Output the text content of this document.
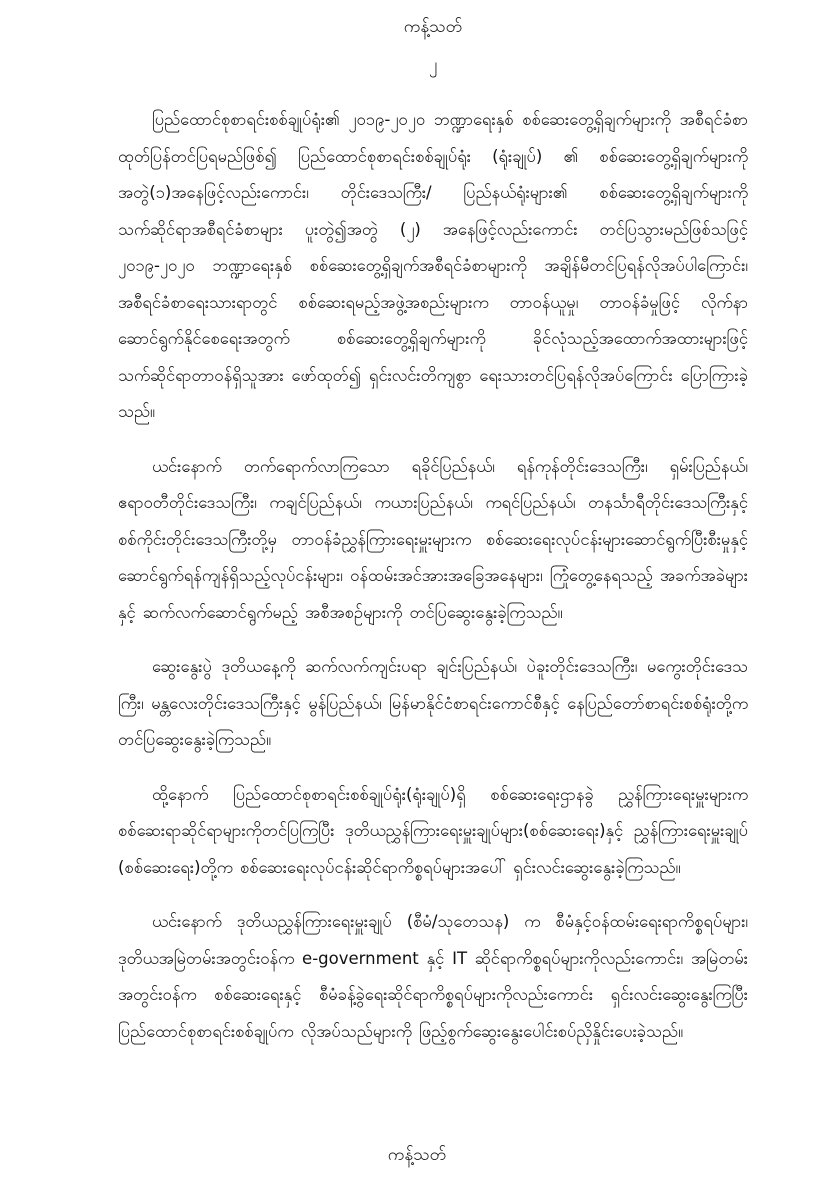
ကန့်သတ်

၂

ပြည်ထောင်စုစာရင်းစစ်ချုပ်ရုံး၏ ၂၀၁၉-၂၀၂၀ ဘဏ္ဍာရေးနှစ် စစ်ဆေးတွေ့ရှိချက်များကို အစီရင်ခံစာထုတ်ပြန်တင်ပြရမည်ဖြစ်၍ ပြည်ထောင်စုစာရင်းစစ်ချုပ်ရုံး (ရုံးချုပ်) ၏ စစ်ဆေးတွေ့ရှိချက်များကို အတွဲ(၁)အနေဖြင့်လည်းကောင်း၊ တိုင်းဒေသကြီး/ ပြည်နယ်ရုံးများ၏ စစ်ဆေးတွေ့ရှိချက်များကို သက်ဆိုင်ရာအစီရင်ခံစာများ ပူးတွဲ၍အတွဲ (၂) အနေဖြင့်လည်းကောင်း တင်ပြသွားမည်ဖြစ်သဖြင့် ၂၀၁၉-၂၀၂၀ ဘဏ္ဍာရေးနှစ် စစ်ဆေးတွေ့ရှိချက်အစီရင်ခံစာများကို အချိန်မီတင်ပြရန်လိုအပ်ပါကြောင်း၊ အစီရင်ခံစာရေးသားရာတွင် စစ်ဆေးရမည့်အဖွဲ့အစည်းများက တာဝန်ယူမှု၊ တာဝန်ခံမှုဖြင့် လိုက်နာဆောင်ရွက်နိုင်စေရေးအတွက် စစ်ဆေးတွေ့ရှိချက်များကို ခိုင်လုံသည့်အထောက်အထားများဖြင့် သက်ဆိုင်ရာတာဝန်ရှိသူအား ဖော်ထုတ်၍ ရှင်းလင်းတိကျစွာ ရေးသားတင်ပြရန်လိုအပ်ကြောင်း ပြောကြားခဲ့သည်။

ယင်းနောက် တက်ရောက်လာကြသော ရခိုင်ပြည်နယ်၊ ရန်ကုန်တိုင်းဒေသကြီး၊ ရှမ်းပြည်နယ်၊ ဧရာဝတီတိုင်းဒေသကြီး၊ ကချင်ပြည်နယ်၊ ကယားပြည်နယ်၊ ကရင်ပြည်နယ်၊ တနင်္သာရီတိုင်းဒေသကြီးနှင့် စစ်ကိုင်းတိုင်းဒေသကြီးတို့မှ တာဝန်ခံညွှန်ကြားရေးမှူးများက စစ်ဆေးရေးလုပ်ငန်းများဆောင်ရွက်ပြီးစီးမှုနှင့် ဆောင်ရွက်ရန်ကျန်ရှိသည့်လုပ်ငန်းများ၊ ဝန်ထမ်းအင်အားအခြေအနေများ၊ ကြုံတွေ့နေရသည့် အခက်အခဲများနှင့် ဆက်လက်ဆောင်ရွက်မည့် အစီအစဉ်များကို တင်ပြဆွေးနွေးခဲ့ကြသည်။

ဆွေးနွေးပွဲ ဒုတိယနေ့ကို ဆက်လက်ကျင်းပရာ ချင်းပြည်နယ်၊ ပဲခူးတိုင်းဒေသကြီး၊ မကွေးတိုင်းဒေသကြီး၊ မန္တလေးတိုင်းဒေသကြီးနှင့် မွန်ပြည်နယ်၊ မြန်မာနိုင်ငံစာရင်းကောင်စီနှင့် နေပြည်တော်စာရင်းစစ်ရုံးတို့က တင်ပြဆွေးနွေးခဲ့ကြသည်။

ထို့နောက် ပြည်ထောင်စုစာရင်းစစ်ချုပ်ရုံး(ရုံးချုပ်)ရှိ စစ်ဆေးရေးဌာနခွဲ ညွှန်ကြားရေးမှူးများက စစ်ဆေးရာဆိုင်ရာများကိုတင်ပြကြပြီး ဒုတိယညွှန်ကြားရေးမှူးချုပ်များ(စစ်ဆေးရေး)နှင့် ညွှန်ကြားရေးမှူးချုပ် (စစ်ဆေးရေး)တို့က စစ်ဆေးရေးလုပ်ငန်းဆိုင်ရာကိစ္စရပ်များအပေါ် ရှင်းလင်းဆွေးနွေးခဲ့ကြသည်။

ယင်းနောက် ဒုတိယညွှန်ကြားရေးမှူးချုပ် (စီမံ/သုတေသန) က စီမံနှင့်ဝန်ထမ်းရေးရာကိစ္စရပ်များ၊ ဒုတိယအမြဲတမ်းအတွင်းဝန်က e-government နှင့် IT ဆိုင်ရာကိစ္စရပ်များကိုလည်းကောင်း၊ အမြဲတမ်းအတွင်းဝန်က စစ်ဆေးရေးနှင့် စီမံခန့်ခွဲရေးဆိုင်ရာကိစ္စရပ်များကိုလည်းကောင်း ရှင်းလင်းဆွေးနွေးကြပြီး ပြည်ထောင်စုစာရင်းစစ်ချုပ်က လိုအပ်သည်များကို ဖြည့်စွက်ဆွေးနွေးပေါင်းစပ်ညှိနှိုင်းပေးခဲ့သည်။

ကန့်သတ်
